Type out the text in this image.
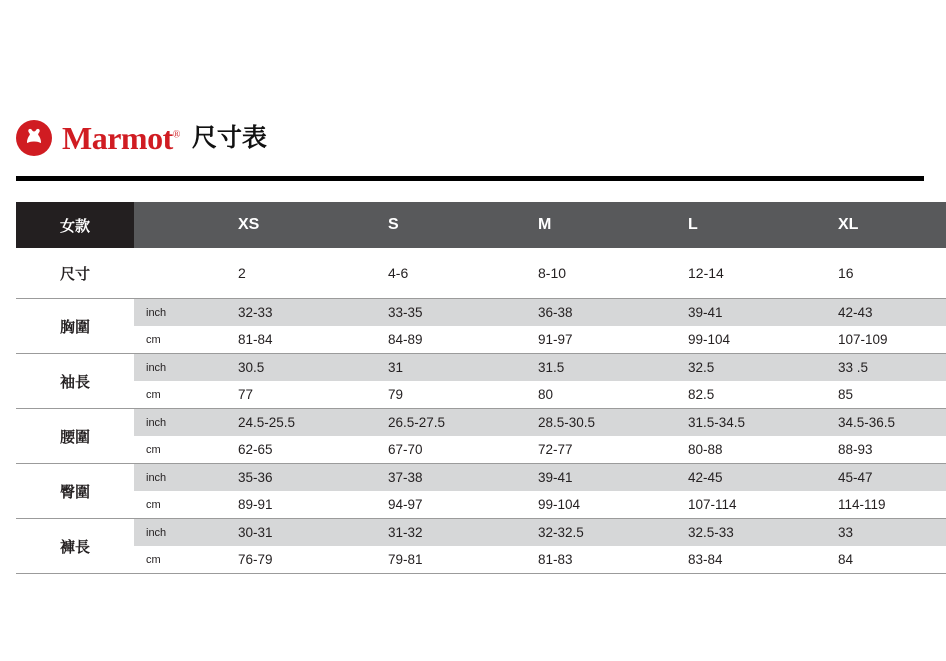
Marmot® 尺寸表
女款		XS	S	M	L	XL
尺寸		2	4-6	8-10	12-14	16
胸圍	inch	32-33	33-35	36-38	39-41	42-43
	cm	81-84	84-89	91-97	99-104	107-109
袖長	inch	30.5	31	31.5	32.5	33 .5
	cm	77	79	80	82.5	85
腰圍	inch	24.5-25.5	26.5-27.5	28.5-30.5	31.5-34.5	34.5-36.5
	cm	62-65	67-70	72-77	80-88	88-93
臀圍	inch	35-36	37-38	39-41	42-45	45-47
	cm	89-91	94-97	99-104	107-114	114-119
褲長	inch	30-31	31-32	32-32.5	32.5-33	33
	cm	76-79	79-81	81-83	83-84	84
